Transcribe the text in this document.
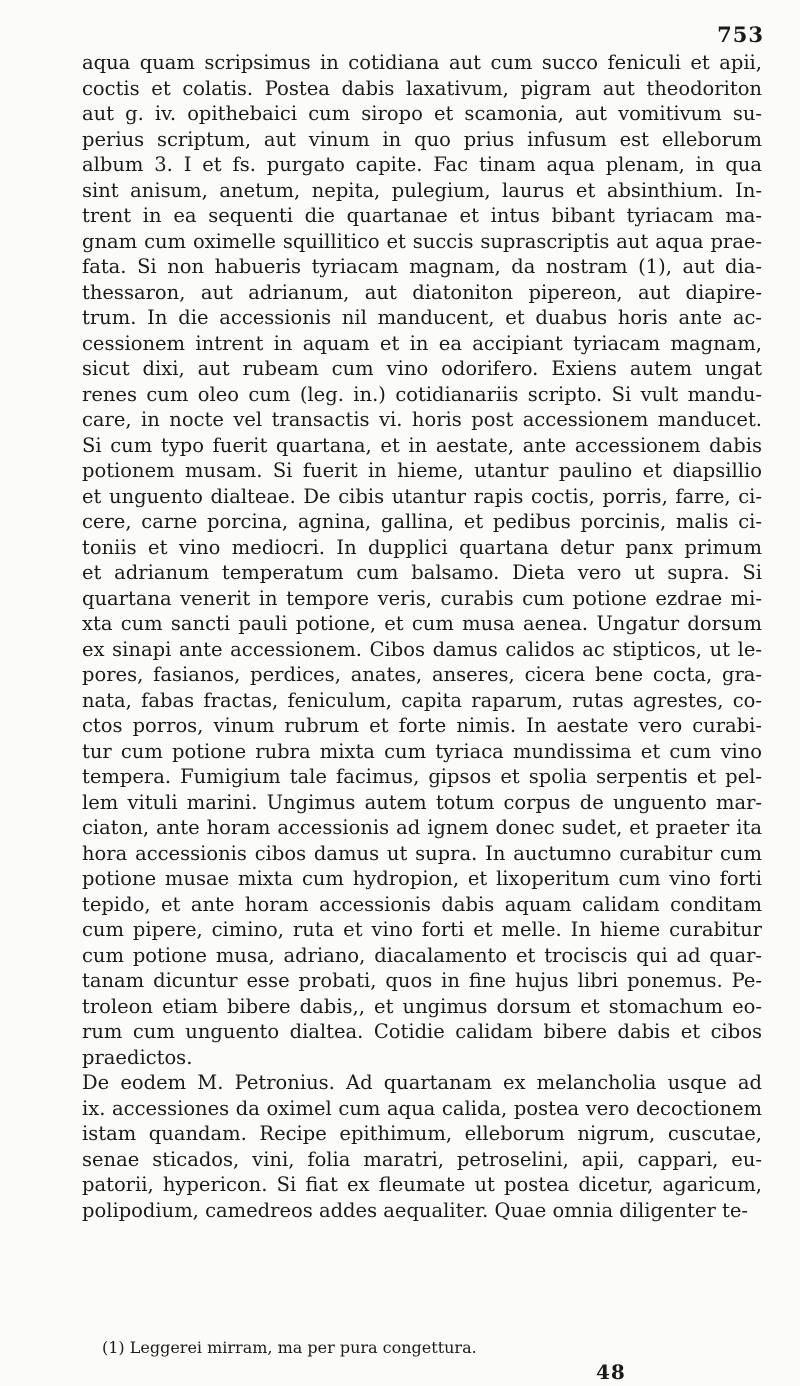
753
aqua quam scripsimus in cotidiana aut cum succo feniculi et apii,
coctis et colatis. Postea dabis laxativum, pigram aut theodoriton
aut g. iv. opithebaici cum siropo et scamonia, aut vomitivum su-
perius scriptum, aut vinum in quo prius infusum est elleborum
album 3. I et fs. purgato capite. Fac tinam aqua plenam, in qua
sint anisum, anetum, nepita, pulegium, laurus et absinthium. In-
trent in ea sequenti die quartanae et intus bibant tyriacam ma-
gnam cum oximelle squillitico et succis suprascriptis aut aqua prae-
fata. Si non habueris tyriacam magnam, da nostram (1), aut dia-
thessaron, aut adrianum, aut diatoniton pipereon, aut diapire-
trum. In die accessionis nil manducent, et duabus horis ante ac-
cessionem intrent in aquam et in ea accipiant tyriacam magnam,
sicut dixi, aut rubeam cum vino odorifero. Exiens autem ungat
renes cum oleo cum (leg. in.) cotidianariis scripto. Si vult mandu-
care, in nocte vel transactis vi. horis post accessionem manducet.
Si cum typo fuerit quartana, et in aestate, ante accessionem dabis
potionem musam. Si fuerit in hieme, utantur paulino et diapsillio
et unguento dialteae. De cibis utantur rapis coctis, porris, farre, ci-
cere, carne porcina, agnina, gallina, et pedibus porcinis, malis ci-
toniis et vino mediocri. In dupplici quartana detur panx primum
et adrianum temperatum cum balsamo. Dieta vero ut supra. Si
quartana venerit in tempore veris, curabis cum potione ezdrae mi-
xta cum sancti pauli potione, et cum musa aenea. Ungatur dorsum
ex sinapi ante accessionem. Cibos damus calidos ac stipticos, ut le-
pores, fasianos, perdices, anates, anseres, cicera bene cocta, gra-
nata, fabas fractas, feniculum, capita raparum, rutas agrestes, co-
ctos porros, vinum rubrum et forte nimis. In aestate vero curabi-
tur cum potione rubra mixta cum tyriaca mundissima et cum vino
tempera. Fumigium tale facimus, gipsos et spolia serpentis et pel-
lem vituli marini. Ungimus autem totum corpus de unguento mar-
ciaton, ante horam accessionis ad ignem donec sudet, et praeter ita
hora accessionis cibos damus ut supra. In auctumno curabitur cum
potione musae mixta cum hydropion, et lixoperitum cum vino forti
tepido, et ante horam accessionis dabis aquam calidam conditam
cum pipere, cimino, ruta et vino forti et melle. In hieme curabitur
cum potione musa, adriano, diacalamento et trociscis qui ad quar-
tanam dicuntur esse probati, quos in fine hujus libri ponemus. Pe-
troleon etiam bibere dabis,, et ungimus dorsum et stomachum eo-
rum cum unguento dialtea. Cotidie calidam bibere dabis et cibos
praedictos.
De eodem M. Petronius. Ad quartanam ex melancholia usque ad
ix. accessiones da oximel cum aqua calida, postea vero decoctionem
istam quandam. Recipe epithimum, elleborum nigrum, cuscutae,
senae sticados, vini, folia maratri, petroselini, apii, cappari, eu-
patorii, hypericon. Si fiat ex fleumate ut postea dicetur, agaricum,
polipodium, camedreos addes aequaliter. Quae omnia diligenter te-
(1) Leggerei mirram, ma per pura congettura.
48
